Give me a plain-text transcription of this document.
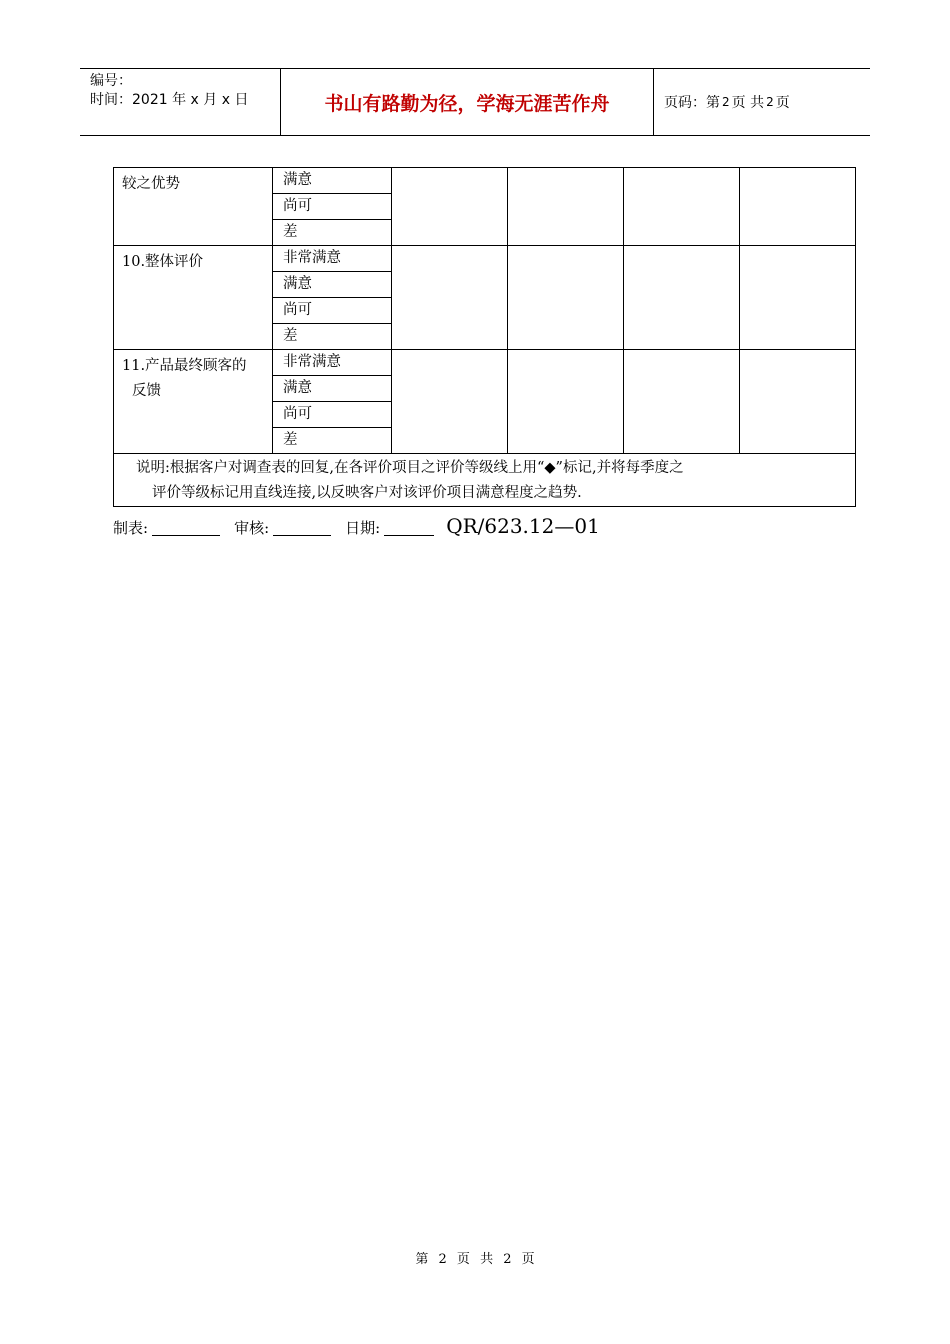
编号：
时间：2021 年 x 月 x 日	书山有路勤为径，学海无涯苦作舟	页码：第 2 页 共 2 页
较之优势	满意				
	尚可				
	差				
10.整体评价	非常满意				
	满意				
	尚可				
	差				

11.产品最终顾客的
反馈	非常满意				
	满意				
	尚可				
	差				

说明:根据客户对调查表的回复,在各评价项目之评价等级线上用“◆”标记,并将每季度之
评价等级标记用直线连接,以反映客户对该评价项目满意程度之趋势.					
制表:	审核:	日期:	QR/623.12—01
第 2 页 共 2 页
